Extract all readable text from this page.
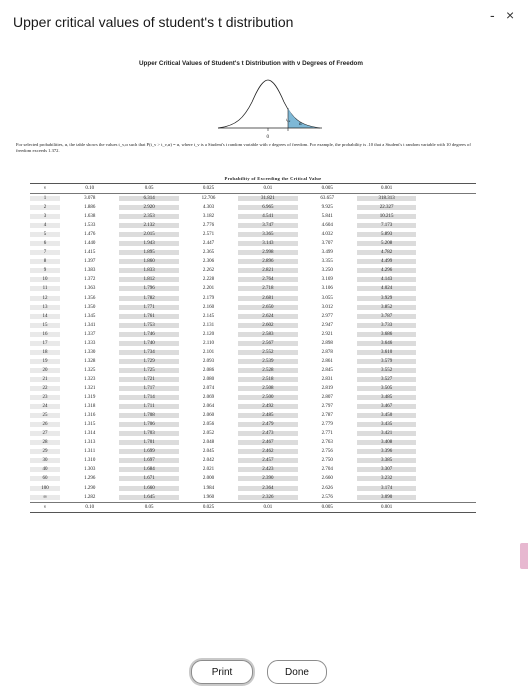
Upper critical values of student's t distribution	- ×
Upper Critical Values of Student's t Distribution with ν Degrees of Freedom
α
0
$t_{\nu,\alpha}$
For selected probabilities, α, the table shows the values t_ν,α such that P(t_ν > t_ν,α) = α, where t_ν is a Student's t random variable with ν degrees of freedom. For example, the probability is .10 that a Student's t random variable with 10 degrees of freedom exceeds 1.372.
Probability of Exceeding the Critical Value
ν	0.10	0.05	0.025	0.01	0.005	0.001
1	3.078	6.314	12.706	31.821	63.657	318.313
2	1.886	2.920	4.303	6.965	9.925	22.327
3	1.638	2.353	3.182	4.541	5.841	10.215
4	1.533	2.132	2.776	3.747	4.604	7.173
5	1.476	2.015	2.571	3.365	4.032	5.893
6	1.440	1.943	2.447	3.143	3.707	5.208
7	1.415	1.895	2.365	2.998	3.499	4.782
8	1.397	1.860	2.306	2.896	3.355	4.499
9	1.383	1.833	2.262	2.821	3.250	4.296
10	1.372	1.812	2.228	2.764	3.169	4.143
11	1.363	1.796	2.201	2.718	3.106	4.024
12	1.356	1.782	2.179	2.681	3.055	3.929
13	1.350	1.771	2.160	2.650	3.012	3.852
14	1.345	1.761	2.145	2.624	2.977	3.787
15	1.341	1.753	2.131	2.602	2.947	3.733
16	1.337	1.746	2.120	2.583	2.921	3.686
17	1.333	1.740	2.110	2.567	2.898	3.646
18	1.330	1.734	2.101	2.552	2.878	3.610
19	1.328	1.729	2.093	2.539	2.861	3.579
20	1.325	1.725	2.086	2.528	2.845	3.552
21	1.323	1.721	2.080	2.518	2.831	3.527
22	1.321	1.717	2.074	2.508	2.819	3.505
23	1.319	1.714	2.069	2.500	2.807	3.485
24	1.318	1.711	2.064	2.492	2.797	3.467
25	1.316	1.708	2.060	2.485	2.787	3.450
26	1.315	1.706	2.056	2.479	2.779	3.435
27	1.314	1.703	2.052	2.473	2.771	3.421
28	1.313	1.701	2.048	2.467	2.763	3.408
29	1.311	1.699	2.045	2.462	2.756	3.396
30	1.310	1.697	2.042	2.457	2.750	3.385
40	1.303	1.684	2.021	2.423	2.704	3.307
60	1.296	1.671	2.000	2.390	2.660	3.232
100	1.290	1.660	1.984	2.364	2.626	3.174
∞	1.282	1.645	1.960	2.326	2.576	3.090
ν	0.10	0.05	0.025	0.01	0.005	0.001
Print	Done
